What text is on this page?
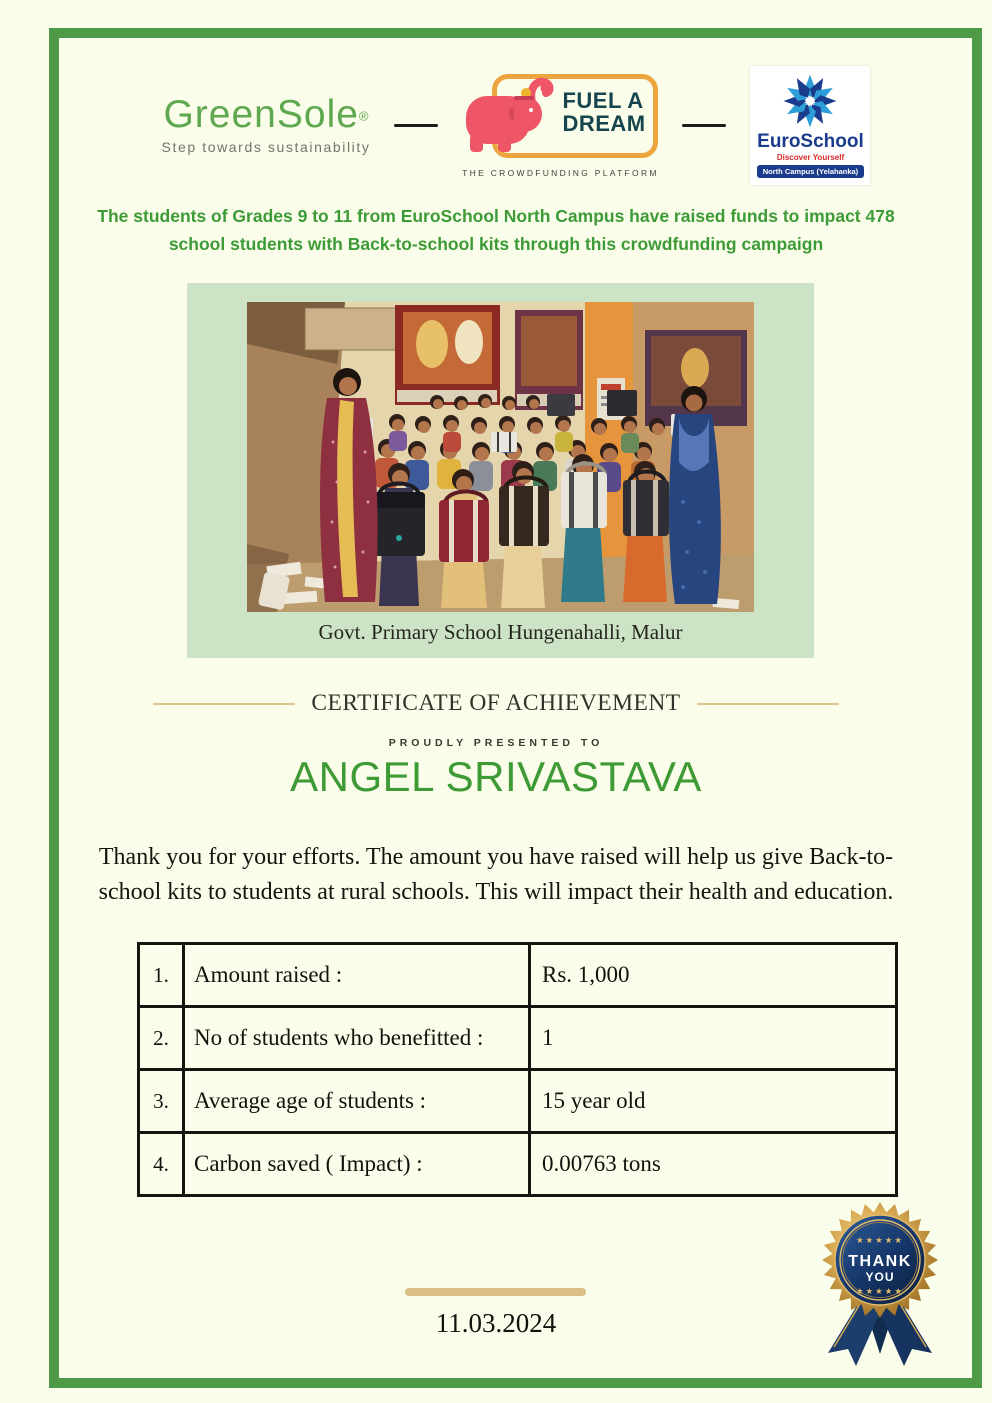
GreenSole®
Step towards sustainability
FUEL A
DREAM
THE CROWDFUNDING PLATFORM
EuroSchool
Discover Yourself
North Campus (Yelahanka)
The students of Grades 9 to 11 from EuroSchool North Campus have raised funds to impact 478
school students with Back-to-school kits through this crowdfunding campaign
Govt. Primary School Hungenahalli, Malur
CERTIFICATE OF ACHIEVEMENT
PROUDLY PRESENTED TO
ANGEL SRIVASTAVA
Thank you for your efforts. The amount you have raised will help us give Back-to-
school kits to students at rural schools. This will impact their health and education.
1.	Amount raised :	Rs. 1,000
2.	No of students who benefitted :	1
3.	Average age of students :	15 year old
4.	Carbon saved ( Impact) :	0.00763 tons
11.03.2024
★★★★★
THANK
YOU
★★★★★
